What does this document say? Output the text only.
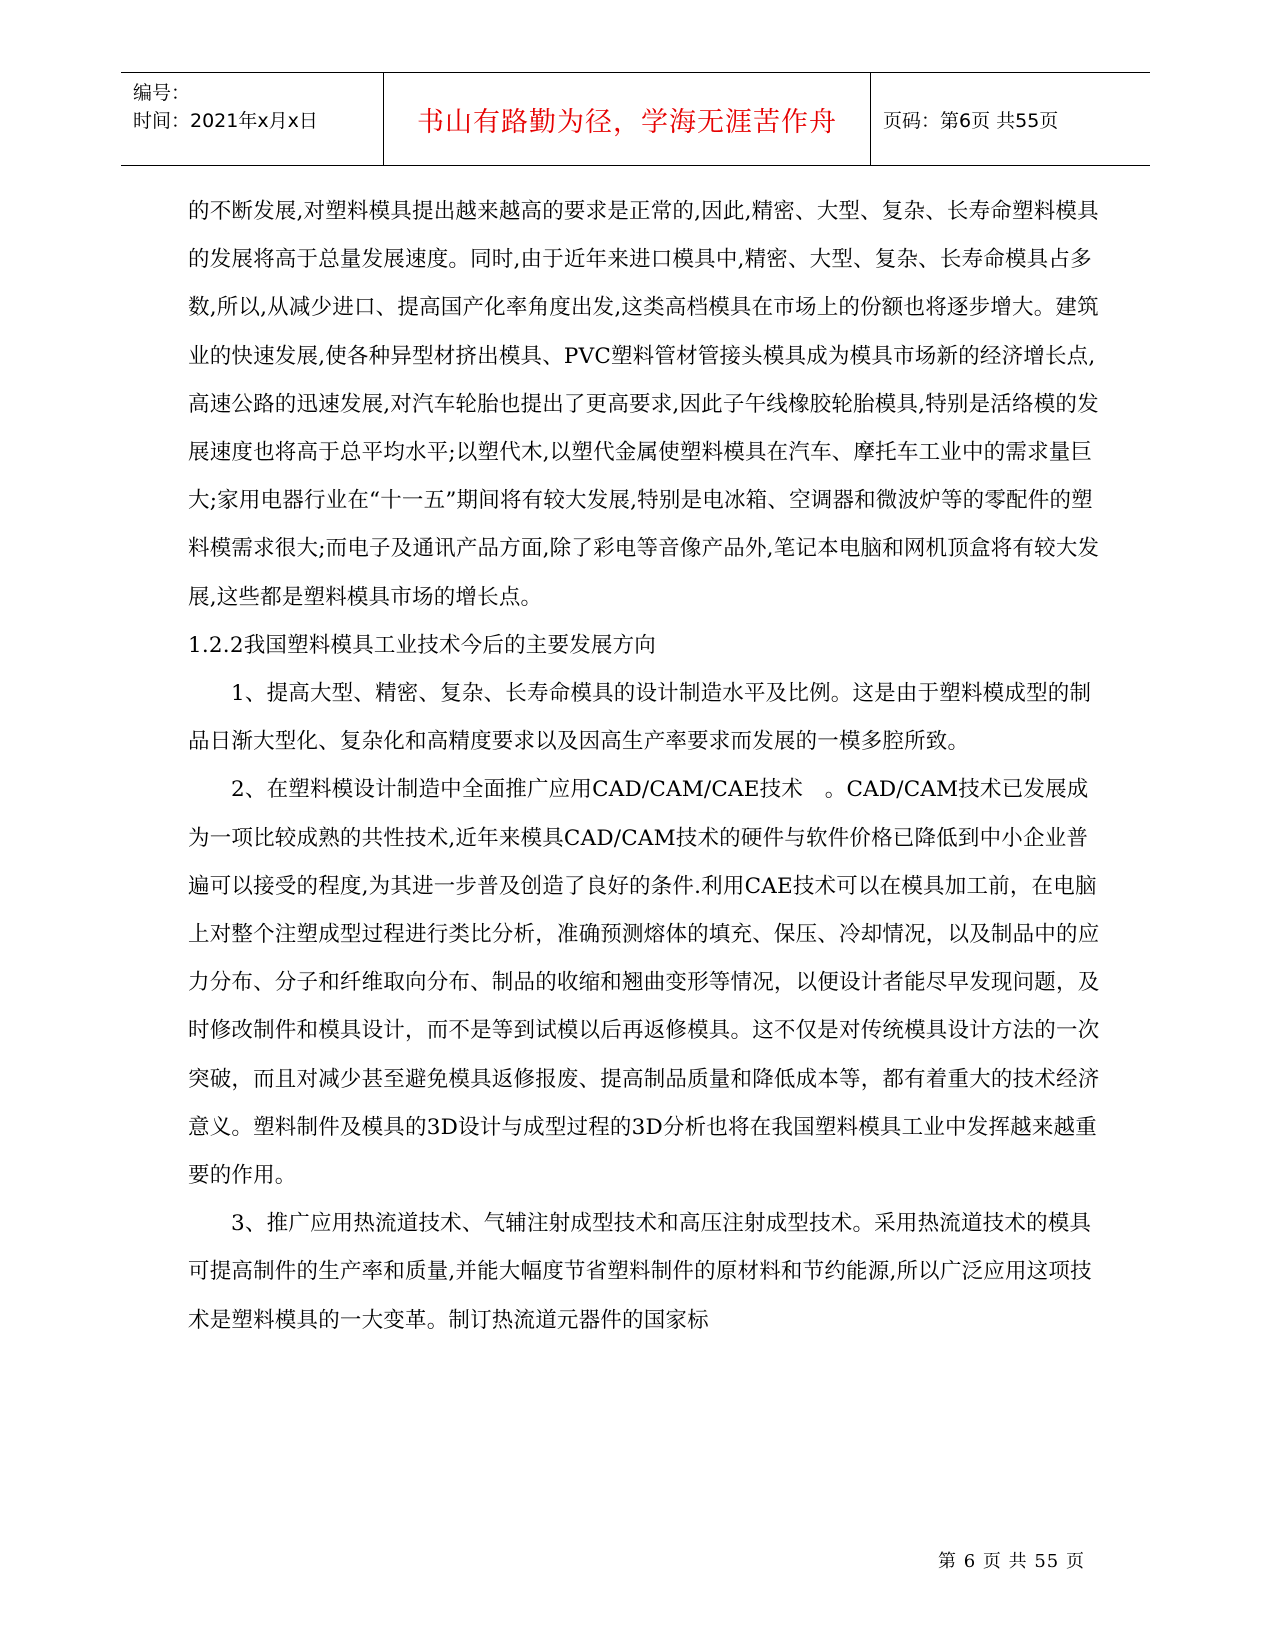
编号：
时间：2021年x月x日	书山有路勤为径，学海无涯苦作舟	页码：第6页 共55页

的不断发展,对塑料模具提出越来越高的要求是正常的,因此,精密、大型、复杂、长寿命塑料模具的发展将高于总量发展速度。同时,由于近年来进口模具中,精密、大型、复杂、长寿命模具占多数,所以,从减少进口、提高国产化率角度出发,这类高档模具在市场上的份额也将逐步增大。建筑业的快速发展,使各种异型材挤出模具、PVC塑料管材管接头模具成为模具市场新的经济增长点,高速公路的迅速发展,对汽车轮胎也提出了更高要求,因此子午线橡胶轮胎模具,特别是活络模的发展速度也将高于总平均水平;以塑代木,以塑代金属使塑料模具在汽车、摩托车工业中的需求量巨大;家用电器行业在“十一五”期间将有较大发展,特别是电冰箱、空调器和微波炉等的零配件的塑料模需求很大;而电子及通讯产品方面,除了彩电等音像产品外,笔记本电脑和网机顶盒将有较大发展,这些都是塑料模具市场的增长点。

1.2.2我国塑料模具工业技术今后的主要发展方向

1、提高大型、精密、复杂、长寿命模具的设计制造水平及比例。这是由于塑料模成型的制品日渐大型化、复杂化和高精度要求以及因高生产率要求而发展的一模多腔所致。

2、在塑料模设计制造中全面推广应用CAD/CAM/CAE技术　。CAD/CAM技术已发展成为一项比较成熟的共性技术,近年来模具CAD/CAM技术的硬件与软件价格已降低到中小企业普遍可以接受的程度,为其进一步普及创造了良好的条件.利用CAE技术可以在模具加工前，在电脑上对整个注塑成型过程进行类比分析，准确预测熔体的填充、保压、冷却情况，以及制品中的应力分布、分子和纤维取向分布、制品的收缩和翘曲变形等情况，以便设计者能尽早发现问题，及时修改制件和模具设计，而不是等到试模以后再返修模具。这不仅是对传统模具设计方法的一次突破，而且对减少甚至避免模具返修报废、提高制品质量和降低成本等，都有着重大的技术经济意义。塑料制件及模具的3D设计与成型过程的3D分析也将在我国塑料模具工业中发挥越来越重要的作用。

3、推广应用热流道技术、气辅注射成型技术和高压注射成型技术。采用热流道技术的模具可提高制件的生产率和质量,并能大幅度节省塑料制件的原材料和节约能源,所以广泛应用这项技术是塑料模具的一大变革。制订热流道元器件的国家标

第 6 页 共 55 页
